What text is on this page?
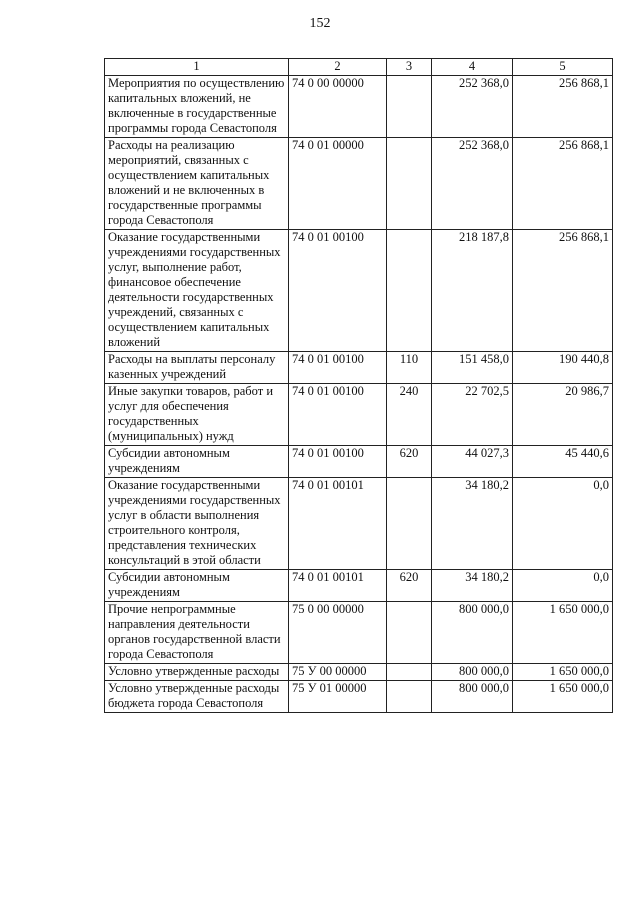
152
1	2	3	4	5
Мероприятия по осуществлению капитальных вложений, не включенные в государственные программы города Севастополя	74 0 00 00000		252 368,0	256 868,1
Расходы на реализацию мероприятий, связанных с осуществлением капитальных вложений и не включенных в государственные программы города Севастополя	74 0 01 00000		252 368,0	256 868,1
Оказание государственными учреждениями государственных услуг, выполнение работ, финансовое обеспечение деятельности государственных учреждений, связанных с осуществлением капитальных вложений	74 0 01 00100		218 187,8	256 868,1
Расходы на выплаты персоналу казенных учреждений	74 0 01 00100	110	151 458,0	190 440,8
Иные закупки товаров, работ и услуг для обеспечения государственных (муниципальных) нужд	74 0 01 00100	240	22 702,5	20 986,7
Субсидии автономным учреждениям	74 0 01 00100	620	44 027,3	45 440,6
Оказание государственными учреждениями государственных услуг в области выполнения строительного контроля, представления технических консультаций в этой области	74 0 01 00101		34 180,2	0,0
Субсидии автономным учреждениям	74 0 01 00101	620	34 180,2	0,0
Прочие непрограммные направления деятельности органов государственной власти города Севастополя	75 0 00 00000		800 000,0	1 650 000,0
Условно утвержденные расходы	75 У 00 00000		800 000,0	1 650 000,0
Условно утвержденные расходы бюджета города Севастополя	75 У 01 00000		800 000,0	1 650 000,0
